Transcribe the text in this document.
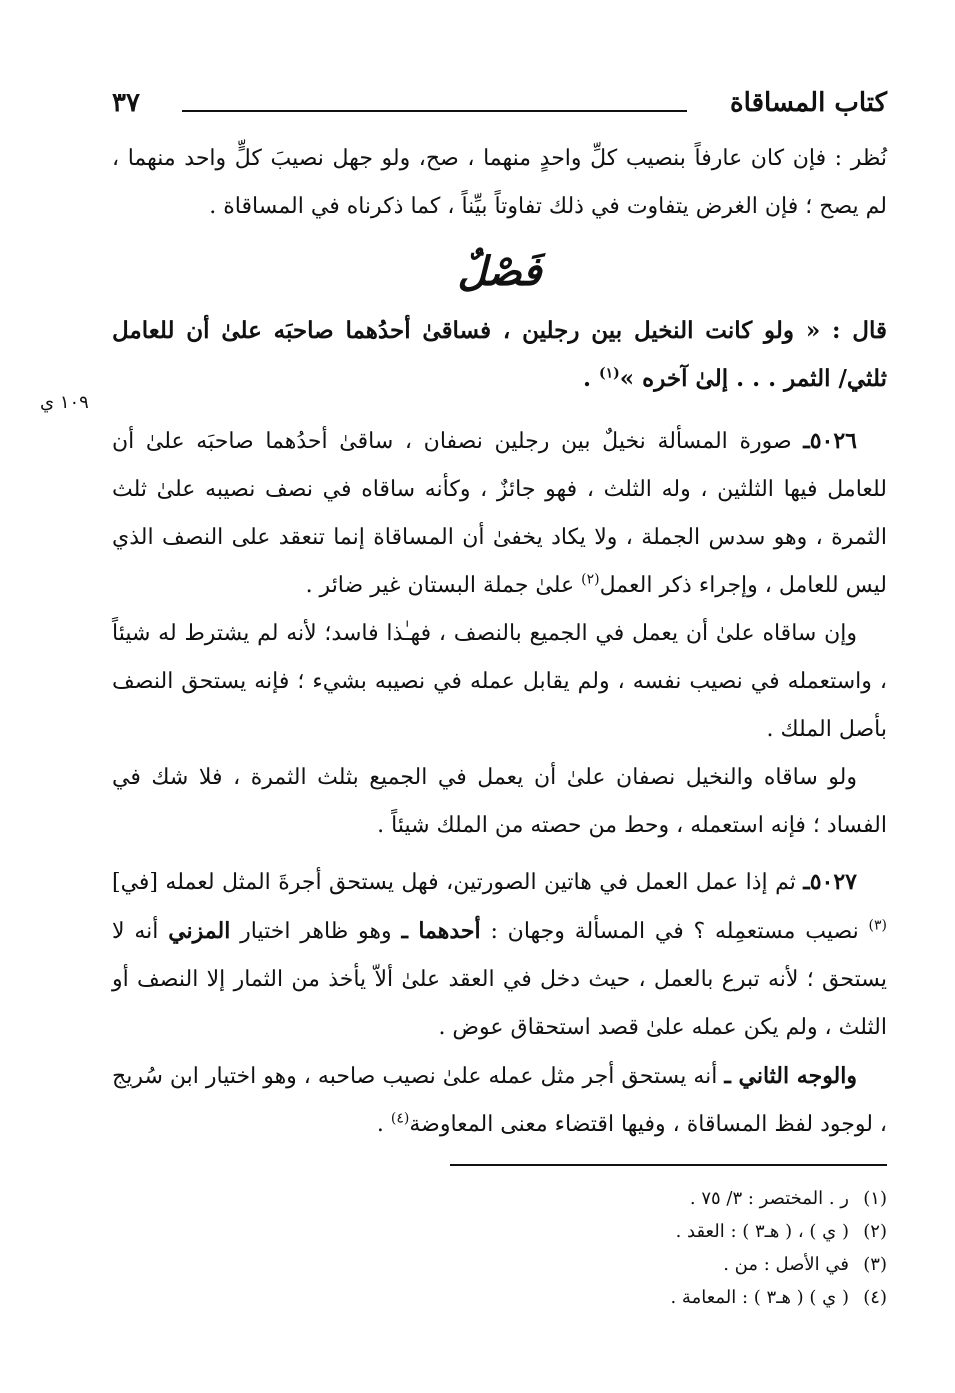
كتاب المساقاة
٣٧
١٠٩ ي

نُظر : فإن كان عارفاً بنصيب كلِّ واحدٍ منهما ، صح، ولو جهل نصيبَ كلٍّ واحد منهما ، لم يصح ؛ فإن الغرض يتفاوت في ذلك تفاوتاً بيِّناً ، كما ذكرناه في المساقاة .

فَصْلٌ

قال : « ولو كانت النخيل بين رجلين ، فساقىٰ أحدُهما صاحبَه علىٰ أن للعامل ثلثي/ الثمر . . . إلىٰ آخره »$^{(١)}$ .

٥٠٢٦ـ صورة المسألة نخيلٌ بين رجلين نصفان ، ساقىٰ أحدُهما صاحبَه علىٰ أن للعامل فيها الثلثين ، وله الثلث ، فهو جائزٌ ، وكأنه ساقاه في نصف نصيبه علىٰ ثلث الثمرة ، وهو سدس الجملة ، ولا يكاد يخفىٰ أن المساقاة إنما تنعقد على النصف الذي ليس للعامل ، وإجراء ذكر العمل$^{(٢)}$ علىٰ جملة البستان غير ضائر .

وإن ساقاه علىٰ أن يعمل في الجميع بالنصف ، فهـٰذا فاسد؛ لأنه لم يشترط له شيئاً ، واستعمله في نصيب نفسه ، ولم يقابل عمله في نصيبه بشيء ؛ فإنه يستحق النصف بأصل الملك .

ولو ساقاه والنخيل نصفان علىٰ أن يعمل في الجميع بثلث الثمرة ، فلا شك في الفساد ؛ فإنه استعمله ، وحط من حصته من الملك شيئاً .

٥٠٢٧ـ ثم إذا عمل العمل في هاتين الصورتين، فهل يستحق أجرةَ المثل لعمله [في]$^{(٣)}$ نصيب مستعمِله ؟ في المسألة وجهان : أحدهما ـ وهو ظاهر اختيار المزني أنه لا يستحق ؛ لأنه تبرع بالعمل ، حيث دخل في العقد علىٰ ألاّ يأخذ من الثمار إلا النصف أو الثلث ، ولم يكن عمله علىٰ قصد استحقاق عوض .

والوجه الثاني ـ أنه يستحق أجر مثل عمله علىٰ نصيب صاحبه ، وهو اختيار ابن سُريج ، لوجود لفظ المساقاة ، وفيها اقتضاء معنى المعاوضة$^{(٤)}$ .

(١)
ر . المختصر : ٣/ ٧٥ .
(٢)
( ي ) ، ( هـ٣ ) : العقد .
(٣)
في الأصل : من .
(٤)
( ي ) ( هـ٣ ) : المعامة .
